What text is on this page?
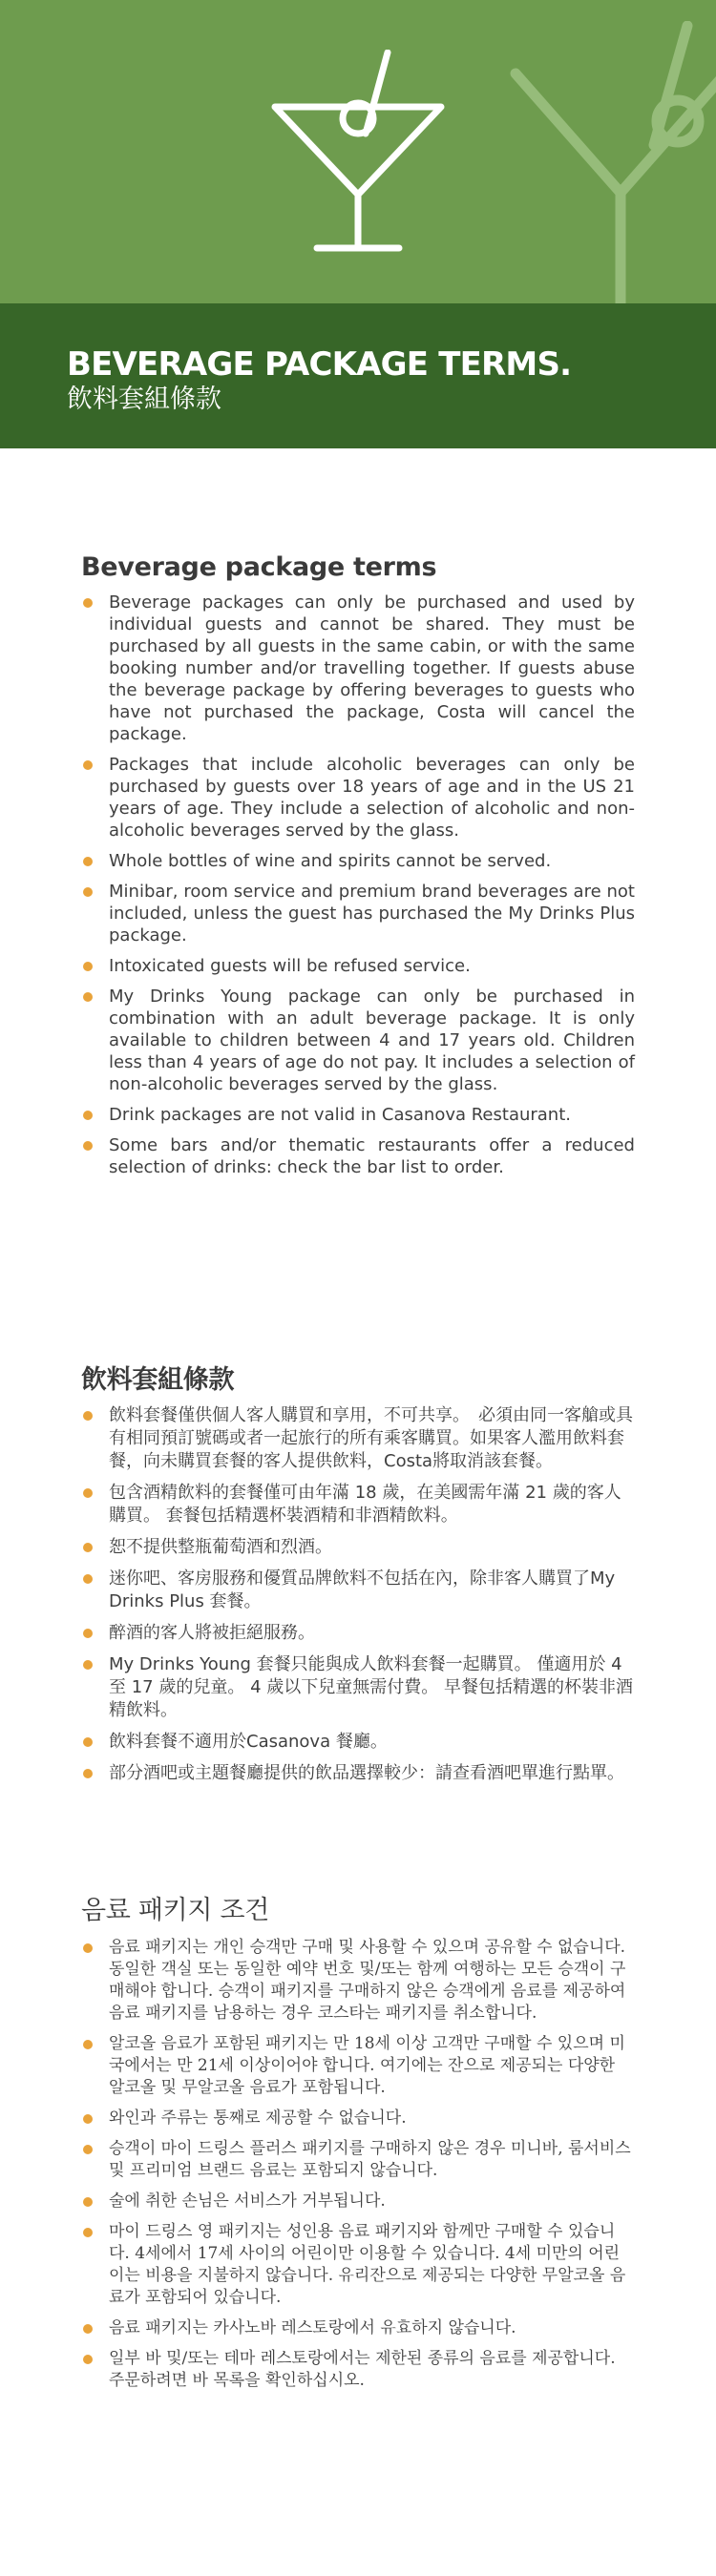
BEVERAGE PACKAGE TERMS.
飲料套組條款
Beverage package terms
Beverage packages can only be purchased and used by individual guests and cannot be shared. They must be purchased by all guests in the same cabin, or with the same booking number and/or travelling together. If guests abuse the beverage package by offering beverages to guests who have not purchased the package, Costa will cancel the package.
Packages that include alcoholic beverages can only be purchased by guests over 18 years of age and in the US 21 years of age. They include a selection of alcoholic and non-alcoholic beverages served by the glass.
Whole bottles of wine and spirits cannot be served.
Minibar, room service and premium brand beverages are not included, unless the guest has purchased the My Drinks Plus package.
Intoxicated guests will be refused service.
My Drinks Young package can only be purchased in combination with an adult beverage package. It is only available to children between 4 and 17 years old. Children less than 4 years of age do not pay. It includes a selection of non-alcoholic beverages served by the glass.
Drink packages are not valid in Casanova Restaurant.
Some bars and/or thematic restaurants offer a reduced selection of drinks: check the bar list to order.
飲料套組條款
飲料套餐僅供個人客人購買和享用，不可共享。　必須由同一客艙或具有相同預訂號碼或者一起旅行的所有乘客購買。如果客人濫用飲料套餐，向未購買套餐的客人提供飲料，Costa將取消該套餐。
包含酒精飲料的套餐僅可由年滿 18 歲，在美國需年滿 21 歲的客人購買。 套餐包括精選杯裝酒精和非酒精飲料。
恕不提供整瓶葡萄酒和烈酒。
迷你吧、客房服務和優質品牌飲料不包括在內，除非客人購買了My Drinks Plus 套餐。
醉酒的客人將被拒絕服務。
My Drinks Young 套餐只能與成人飲料套餐一起購買。 僅適用於 4 至 17 歲的兒童。 4 歲以下兒童無需付費。 早餐包括精選的杯裝非酒精飲料。
飲料套餐不適用於Casanova 餐廳。
部分酒吧或主題餐廳提供的飲品選擇較少：請查看酒吧單進行點單。
음료 패키지 조건
음료 패키지는 개인 승객만 구매 및 사용할 수 있으며 공유할 수 없습니다. 동일한 객실 또는 동일한 예약 번호 및/또는 함께 여행하는 모든 승객이 구매해야 합니다. 승객이 패키지를 구매하지 않은 승객에게 음료를 제공하여 음료 패키지를 남용하는 경우 코스타는 패키지를 취소합니다.
알코올 음료가 포함된 패키지는 만 18세 이상 고객만 구매할 수 있으며 미국에서는 만 21세 이상이어야 합니다. 여기에는 잔으로 제공되는 다양한 알코올 및 무알코올 음료가 포함됩니다.
와인과 주류는 통째로 제공할 수 없습니다.
승객이 마이 드링스 플러스 패키지를 구매하지 않은 경우 미니바, 룸서비스 및 프리미엄 브랜드 음료는 포함되지 않습니다.
술에 취한 손님은 서비스가 거부됩니다.
마이 드링스 영 패키지는 성인용 음료 패키지와 함께만 구매할 수 있습니다. 4세에서 17세 사이의 어린이만 이용할 수 있습니다. 4세 미만의 어린이는 비용을 지불하지 않습니다. 유리잔으로 제공되는 다양한 무알코올 음료가 포함되어 있습니다.
음료 패키지는 카사노바 레스토랑에서 유효하지 않습니다.
일부 바 및/또는 테마 레스토랑에서는 제한된 종류의 음료를 제공합니다. 주문하려면 바 목록을 확인하십시오.
